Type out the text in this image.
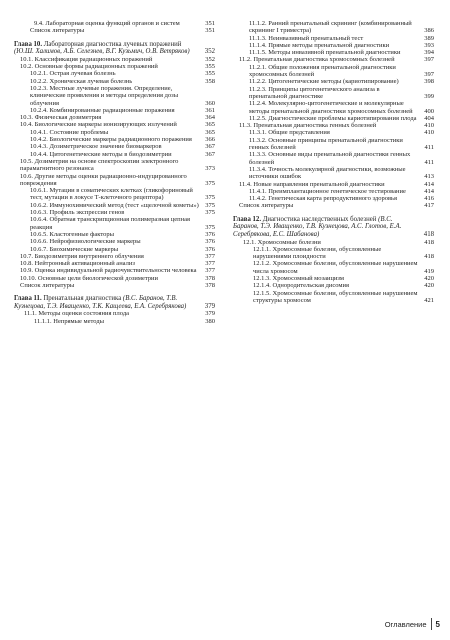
9.4. Лабораторная оценка функций органов и систем	351
Список литературы	351
Глава 10. Лабораторная диагностика лучевых поражений (Ю.Ш. Халимов, А.Б. Селезнев, В.Г. Кузьмич, О.В. Ветряков)	352
10.1. Классификация радиационных поражений	352
10.2. Основные формы радиационных поражений	355
10.2.1. Острая лучевая болезнь	355
10.2.2. Хроническая лучевая болезнь	358
10.2.3. Местные лучевые поражения. Определение, клинические проявления и методы определения дозы облучения	360
10.2.4. Комбинированные радиационные поражения	361
10.3. Физическая дозиметрия	364
10.4. Биологические маркеры ионизирующих излучений	365
10.4.1. Состояние проблемы	365
10.4.2. Биологические маркеры радиационного поражения	366
10.4.3. Дозиметрическое значение биомаркеров	367
10.4.4. Цитогенетические методы в биодозиметрии	367
10.5. Дозиметрия на основе спектроскопии электронного парамагнитного резонанса	373
10.6. Другие методы оценки радиационно-индуцированного повреждения	375
10.6.1. Мутации в соматических клетках (гликофориновый тест, мутации в локусе Т-клеточного рецептора)	375
10.6.2. Иммунохимический метод (тест «щелочной кометы») 375
10.6.3. Профиль экспрессии генов	375
10.6.4. Обратная транскрипционная полимеразная цепная реакция	375
10.6.5. Кластогенные факторы	376
10.6.6. Нейрофизиологические маркеры	376
10.6.7. Биохимические маркеры	376
10.7. Биодозиметрия внутреннего облучения	377
10.8. Нейтронный активационный анализ	377
10.9. Оценка индивидуальной радиочувствительности человека	377
10.10. Основные цели биологической дозиметрии	378
Список литературы	378
Глава 11. Пренатальная диагностика (В.С. Баранов, Т.В. Кузнецова, Т.Э. Иващенко, Т.К. Кащеева, Е.А. Серебрякова)	379
11.1. Методы оценки состояния плода	379
11.1.1. Непрямые методы	380
11.1.2. Ранний пренатальный скрининг (комбинированный скрининг I триместра)	386
11.1.3. Неинвазивный пренатальный тест	389
11.1.4. Прямые методы пренатальной диагностики	393
11.1.5. Методы инвазивной пренатальной диагностики	394
11.2. Пренатальная диагностика хромосомных болезней	397
11.2.1. Общие положения пренатальной диагностики хромосомных болезней	397
11.2.2. Цитогенетические методы (кариотипирование)	398
11.2.3. Принципы цитогенетического анализа в пренатальной диагностике	399
11.2.4. Молекулярно-цитогенетические и молекулярные методы пренатальной диагностики хромосомных болезней	400
11.2.5. Диагностические проблемы кариотипирования плода	404
11.3. Пренатальная диагностика генных болезней	410
11.3.1. Общие представления	410
11.3.2. Основные принципы пренатальной диагностики генных болезней	411
11.3.3. Основные виды пренатальной диагностики генных болезней	411
11.3.4. Точность молекулярной диагностики, возможные источники ошибок	413
11.4. Новые направления пренатальной диагностики	414
11.4.1. Преимплантационное генетическое тестирование	414
11.4.2. Генетическая карта репродуктивного здоровья	416
Список литературы	417
Глава 12. Диагностика наследственных болезней (В.С. Баранов, Т.Э. Иващенко, Т.В. Кузнецова, А.С. Глотов, Е.А. Серебрякова, Е.С. Шабанова)	418
12.1. Хромосомные болезни	418
12.1.1. Хромосомные болезни, обусловленные нарушениями плоидности	418
12.1.2. Хромосомные болезни, обусловленные нарушением числа хромосом	419
12.1.3. Хромосомный мозаицизм	420
12.1.4. Однородительская дисомия	420
12.1.5. Хромосомные болезни, обусловленные нарушением структуры хромосом	421
Оглавление 5
